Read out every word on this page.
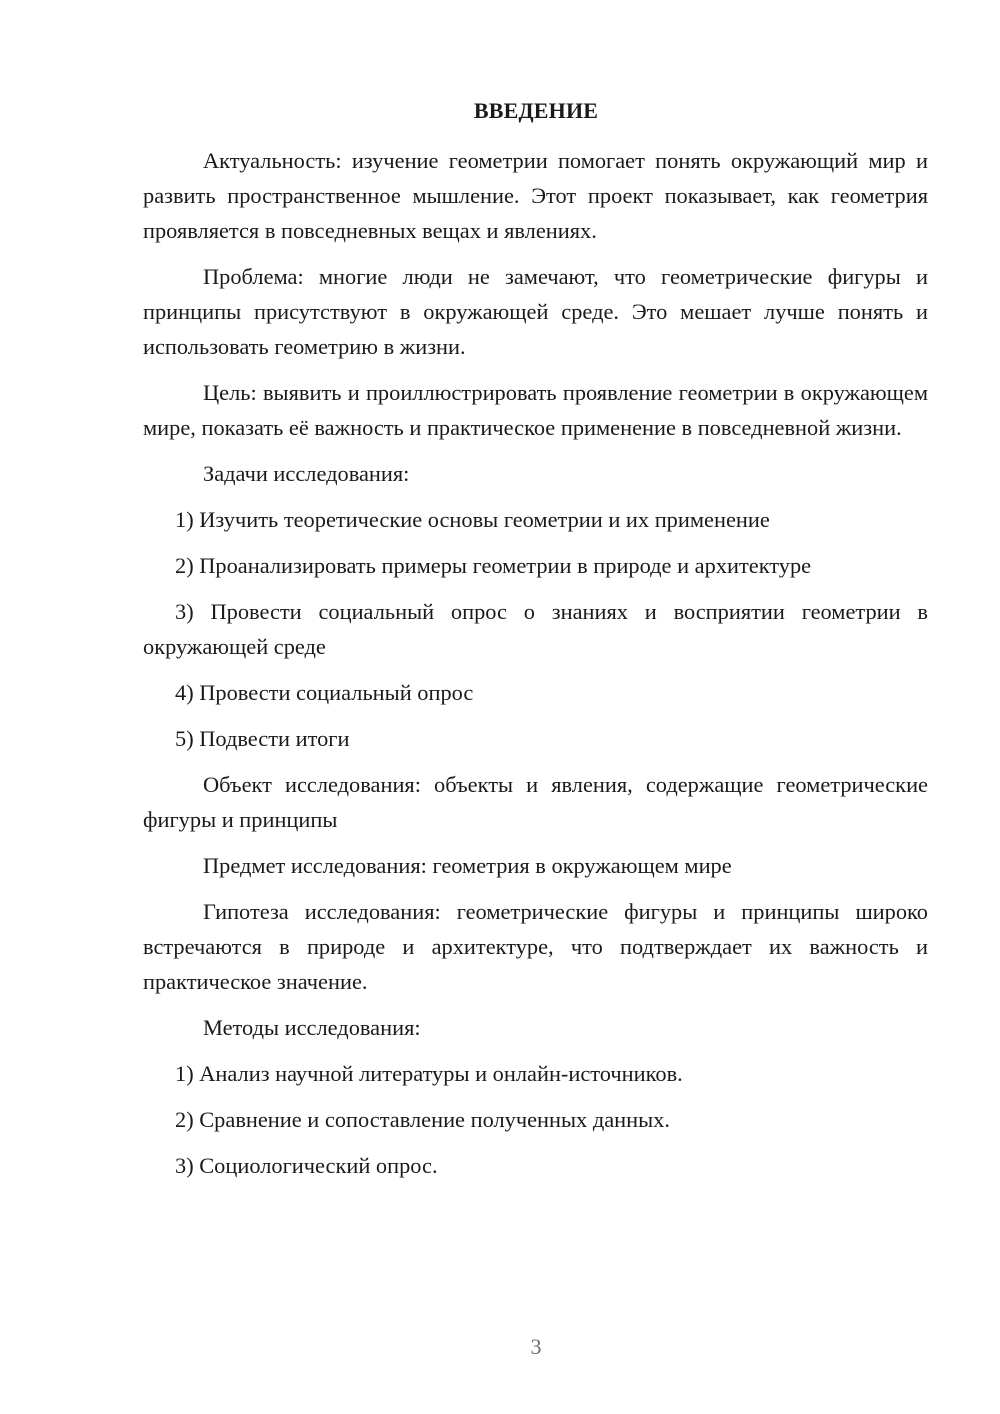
ВВЕДЕНИЕ

Актуальность: изучение геометрии помогает понять окружающий мир и развить пространственное мышление. Этот проект показывает, как геометрия проявляется в повседневных вещах и явлениях.

Проблема: многие люди не замечают, что геометрические фигуры и принципы присутствуют в окружающей среде. Это мешает лучше понять и использовать геометрию в жизни.

Цель: выявить и проиллюстрировать проявление геометрии в окружающем мире, показать её важность и практическое применение в повседневной жизни.

Задачи исследования:

1) Изучить теоретические основы геометрии и их применение

2) Проанализировать примеры геометрии в природе и архитектуре

3) Провести социальный опрос о знаниях и восприятии геометрии в окружающей среде

4) Провести социальный опрос

5) Подвести итоги

Объект исследования: объекты и явления, содержащие геометрические фигуры и принципы

Предмет исследования: геометрия в окружающем мире

Гипотеза исследования: геометрические фигуры и принципы широко встречаются в природе и архитектуре, что подтверждает их важность и практическое значение.

Методы исследования:

1) Анализ научной литературы и онлайн-источников.

2) Сравнение и сопоставление полученных данных.

3) Социологический опрос.

3
